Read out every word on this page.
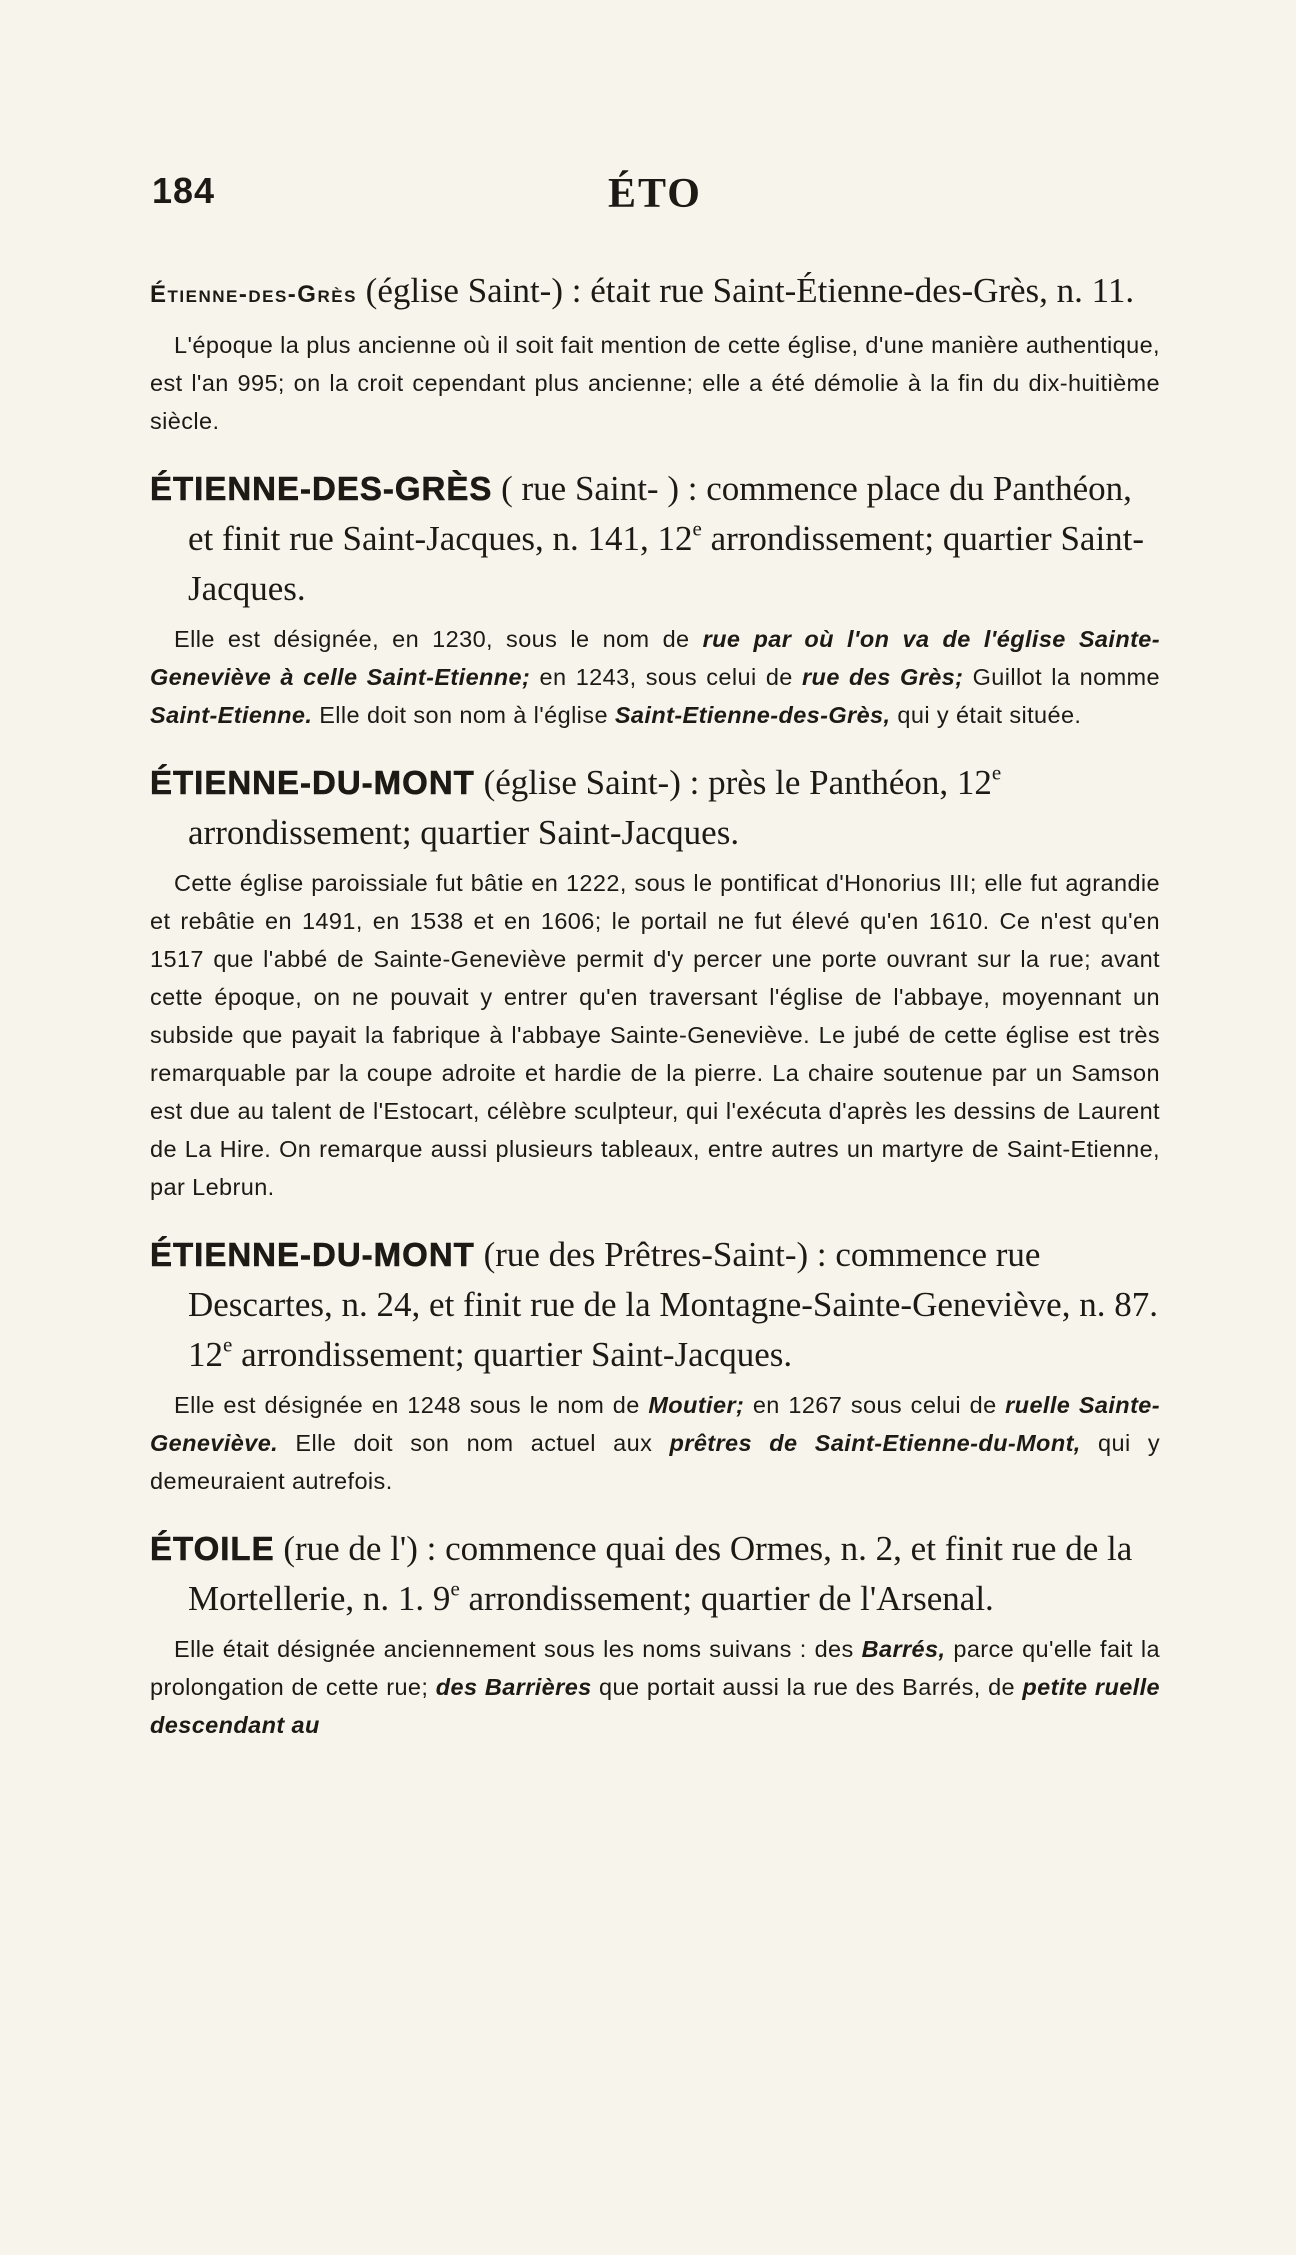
184	ÉTO

Étienne-des-Grès (église Saint-) : était rue Saint-Étienne-des-Grès, n. 11.

L'époque la plus ancienne où il soit fait mention de cette église, d'une manière authentique, est l'an 995; on la croit cependant plus ancienne; elle a été démolie à la fin du dix-huitième siècle.

ÉTIENNE-DES-GRÈS ( rue Saint- ) : commence place du Panthéon, et finit rue Saint-Jacques, n. 141, 12e arrondissement; quartier Saint-Jacques.

Elle est désignée, en 1230, sous le nom de rue par où l'on va de l'église Sainte-Geneviève à celle Saint-Etienne; en 1243, sous celui de rue des Grès; Guillot la nomme Saint-Etienne. Elle doit son nom à l'église Saint-Etienne-des-Grès, qui y était située.

ÉTIENNE-DU-MONT (église Saint-) : près le Panthéon, 12e arrondissement; quartier Saint-Jacques.

Cette église paroissiale fut bâtie en 1222, sous le pontificat d'Honorius III; elle fut agrandie et rebâtie en 1491, en 1538 et en 1606; le portail ne fut élevé qu'en 1610. Ce n'est qu'en 1517 que l'abbé de Sainte-Geneviève permit d'y percer une porte ouvrant sur la rue; avant cette époque, on ne pouvait y entrer qu'en traversant l'église de l'abbaye, moyennant un subside que payait la fabrique à l'abbaye Sainte-Geneviève. Le jubé de cette église est très remarquable par la coupe adroite et hardie de la pierre. La chaire soutenue par un Samson est due au talent de l'Estocart, célèbre sculpteur, qui l'exécuta d'après les dessins de Laurent de La Hire. On remarque aussi plusieurs tableaux, entre autres un martyre de Saint-Etienne, par Lebrun.

ÉTIENNE-DU-MONT (rue des Prêtres-Saint-) : commence rue Descartes, n. 24, et finit rue de la Montagne-Sainte-Geneviève, n. 87. 12e arrondissement; quartier Saint-Jacques.

Elle est désignée en 1248 sous le nom de Moutier; en 1267 sous celui de ruelle Sainte-Geneviève. Elle doit son nom actuel aux prêtres de Saint-Etienne-du-Mont, qui y demeuraient autrefois.

ÉTOILE (rue de l') : commence quai des Ormes, n. 2, et finit rue de la Mortellerie, n. 1. 9e arrondissement; quartier de l'Arsenal.

Elle était désignée anciennement sous les noms suivans : des Barrés, parce qu'elle fait la prolongation de cette rue; des Barrières que portait aussi la rue des Barrés, de petite ruelle descendant au
